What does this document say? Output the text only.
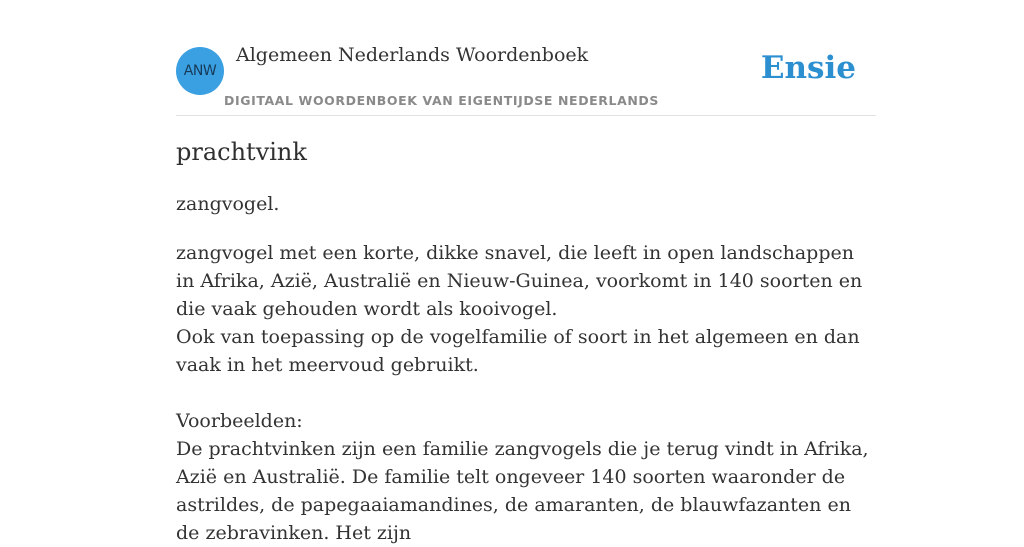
ANW
Algemeen Nederlands Woordenboek
DIGITAAL WOORDENBOEK VAN EIGENTIJDSE NEDERLANDS
Ensie
prachtvink
zangvogel.

zangvogel met een korte, dikke snavel, die leeft in open landschappen in Afrika, Azië, Australië en Nieuw-Guinea, voorkomt in 140 soorten en die vaak gehouden wordt als kooivogel.

Ook van toepassing op de vogelfamilie of soort in het algemeen en dan vaak in het meervoud gebruikt.

Voorbeelden:

De prachtvinken zijn een familie zangvogels die je terug vindt in Afrika, Azië en Australië. De familie telt ongeveer 140 soorten waaronder de astrildes, de papegaaiamandines, de amaranten, de blauwfazanten en de zebravinken. Het zijn
